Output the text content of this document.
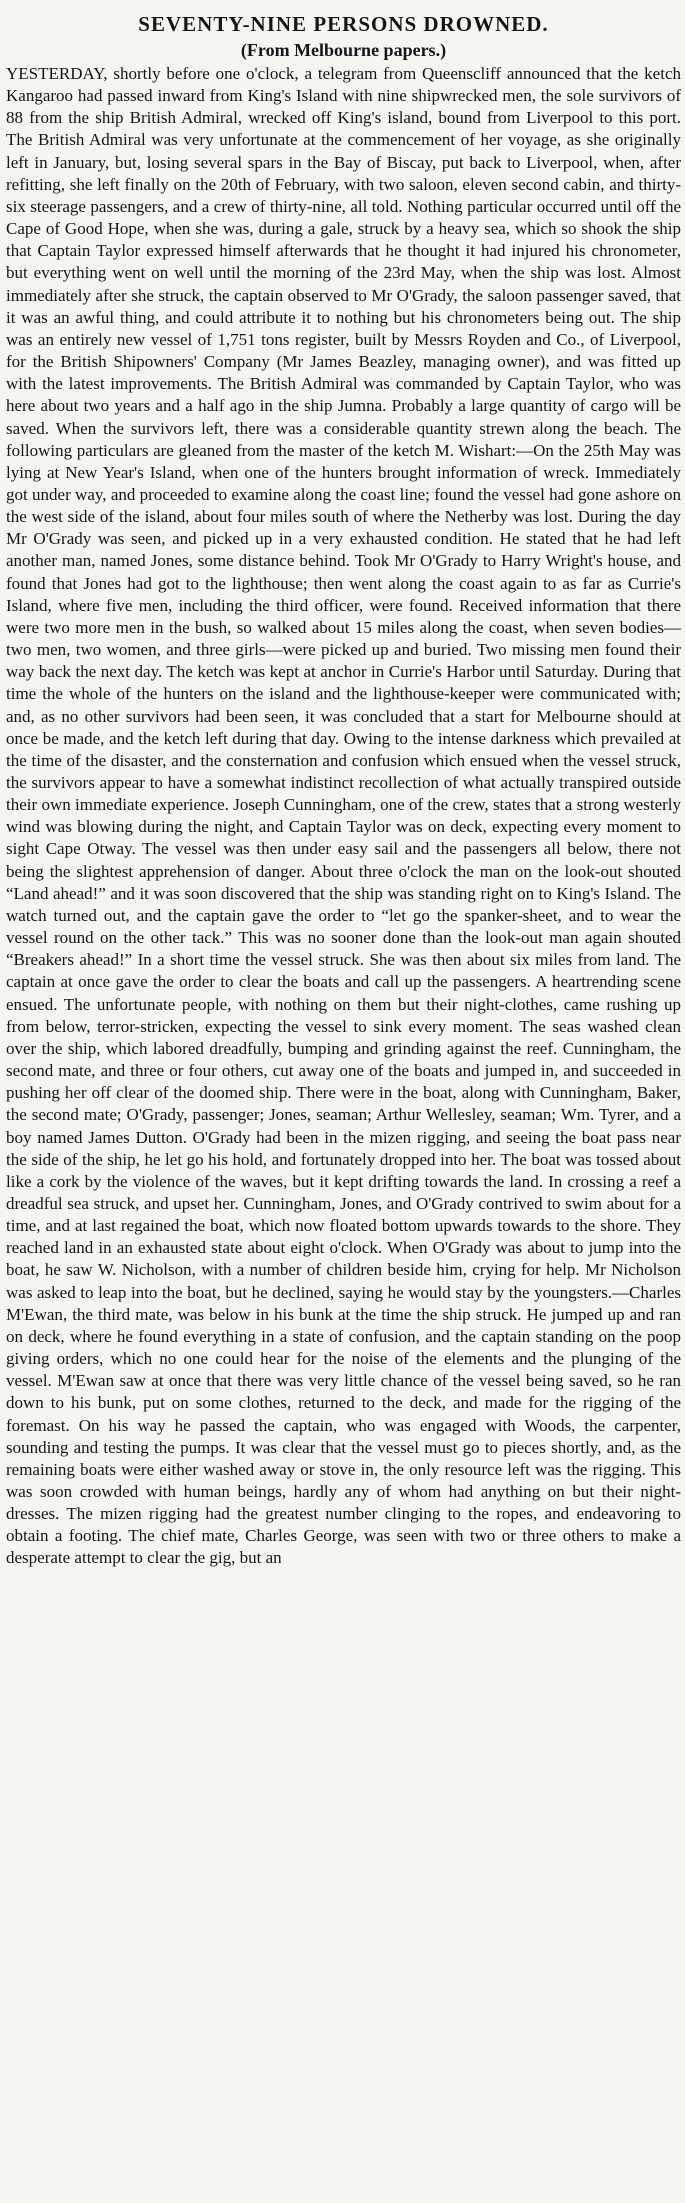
SEVENTY-NINE PERSONS DROWNED.
(From Melbourne papers.)

YESTERDAY, shortly before one o'clock, a telegram from Queenscliff announced that the ketch Kangaroo had passed inward from King's Island with nine shipwrecked men, the sole survivors of 88 from the ship British Admiral, wrecked off King's island, bound from Liverpool to this port. The British Admiral was very unfortunate at the commencement of her voyage, as she originally left in January, but, losing several spars in the Bay of Biscay, put back to Liverpool, when, after refitting, she left finally on the 20th of February, with two saloon, eleven second cabin, and thirty-six steerage passengers, and a crew of thirty-nine, all told. Nothing particular occurred until off the Cape of Good Hope, when she was, during a gale, struck by a heavy sea, which so shook the ship that Captain Taylor expressed himself afterwards that he thought it had injured his chronometer, but everything went on well until the morning of the 23rd May, when the ship was lost. Almost immediately after she struck, the captain observed to Mr O'Grady, the saloon passenger saved, that it was an awful thing, and could attribute it to nothing but his chronometers being out. The ship was an entirely new vessel of 1,751 tons register, built by Messrs Royden and Co., of Liverpool, for the British Shipowners' Company (Mr James Beazley, managing owner), and was fitted up with the latest improvements. The British Admiral was commanded by Captain Taylor, who was here about two years and a half ago in the ship Jumna. Probably a large quantity of cargo will be saved. When the survivors left, there was a considerable quantity strewn along the beach. The following particulars are gleaned from the master of the ketch M. Wishart:—On the 25th May was lying at New Year's Island, when one of the hunters brought information of wreck. Immediately got under way, and proceeded to examine along the coast line; found the vessel had gone ashore on the west side of the island, about four miles south of where the Netherby was lost. During the day Mr O'Grady was seen, and picked up in a very exhausted condition. He stated that he had left another man, named Jones, some distance behind. Took Mr O'Grady to Harry Wright's house, and found that Jones had got to the lighthouse; then went along the coast again to as far as Currie's Island, where five men, including the third officer, were found. Received information that there were two more men in the bush, so walked about 15 miles along the coast, when seven bodies—two men, two women, and three girls—were picked up and buried. Two missing men found their way back the next day. The ketch was kept at anchor in Currie's Harbor until Saturday. During that time the whole of the hunters on the island and the lighthouse-keeper were communicated with; and, as no other survivors had been seen, it was concluded that a start for Melbourne should at once be made, and the ketch left during that day. Owing to the intense darkness which prevailed at the time of the disaster, and the consternation and confusion which ensued when the vessel struck, the survivors appear to have a somewhat indistinct recollection of what actually transpired outside their own immediate experience. Joseph Cunningham, one of the crew, states that a strong westerly wind was blowing during the night, and Captain Taylor was on deck, expecting every moment to sight Cape Otway. The vessel was then under easy sail and the passengers all below, there not being the slightest apprehension of danger. About three o'clock the man on the look-out shouted “Land ahead!” and it was soon discovered that the ship was standing right on to King's Island. The watch turned out, and the captain gave the order to “let go the spanker-sheet, and to wear the vessel round on the other tack.” This was no sooner done than the look-out man again shouted “Breakers ahead!” In a short time the vessel struck. She was then about six miles from land. The captain at once gave the order to clear the boats and call up the passengers. A heartrending scene ensued. The unfortunate people, with nothing on them but their night-clothes, came rushing up from below, terror-stricken, expecting the vessel to sink every moment. The seas washed clean over the ship, which labored dreadfully, bumping and grinding against the reef. Cunningham, the second mate, and three or four others, cut away one of the boats and jumped in, and succeeded in pushing her off clear of the doomed ship. There were in the boat, along with Cunningham, Baker, the second mate; O'Grady, passenger; Jones, seaman; Arthur Wellesley, seaman; Wm. Tyrer, and a boy named James Dutton. O'Grady had been in the mizen rigging, and seeing the boat pass near the side of the ship, he let go his hold, and fortunately dropped into her. The boat was tossed about like a cork by the violence of the waves, but it kept drifting towards the land. In crossing a reef a dreadful sea struck, and upset her. Cunningham, Jones, and O'Grady contrived to swim about for a time, and at last regained the boat, which now floated bottom upwards towards to the shore. They reached land in an exhausted state about eight o'clock. When O'Grady was about to jump into the boat, he saw W. Nicholson, with a number of children beside him, crying for help. Mr Nicholson was asked to leap into the boat, but he declined, saying he would stay by the youngsters.—Charles M'Ewan, the third mate, was below in his bunk at the time the ship struck. He jumped up and ran on deck, where he found everything in a state of confusion, and the captain standing on the poop giving orders, which no one could hear for the noise of the elements and the plunging of the vessel. M'Ewan saw at once that there was very little chance of the vessel being saved, so he ran down to his bunk, put on some clothes, returned to the deck, and made for the rigging of the foremast. On his way he passed the captain, who was engaged with Woods, the carpenter, sounding and testing the pumps. It was clear that the vessel must go to pieces shortly, and, as the remaining boats were either washed away or stove in, the only resource left was the rigging. This was soon crowded with human beings, hardly any of whom had anything on but their night-dresses. The mizen rigging had the greatest number clinging to the ropes, and endeavoring to obtain a footing. The chief mate, Charles George, was seen with two or three others to make a desperate attempt to clear the gig, but an
